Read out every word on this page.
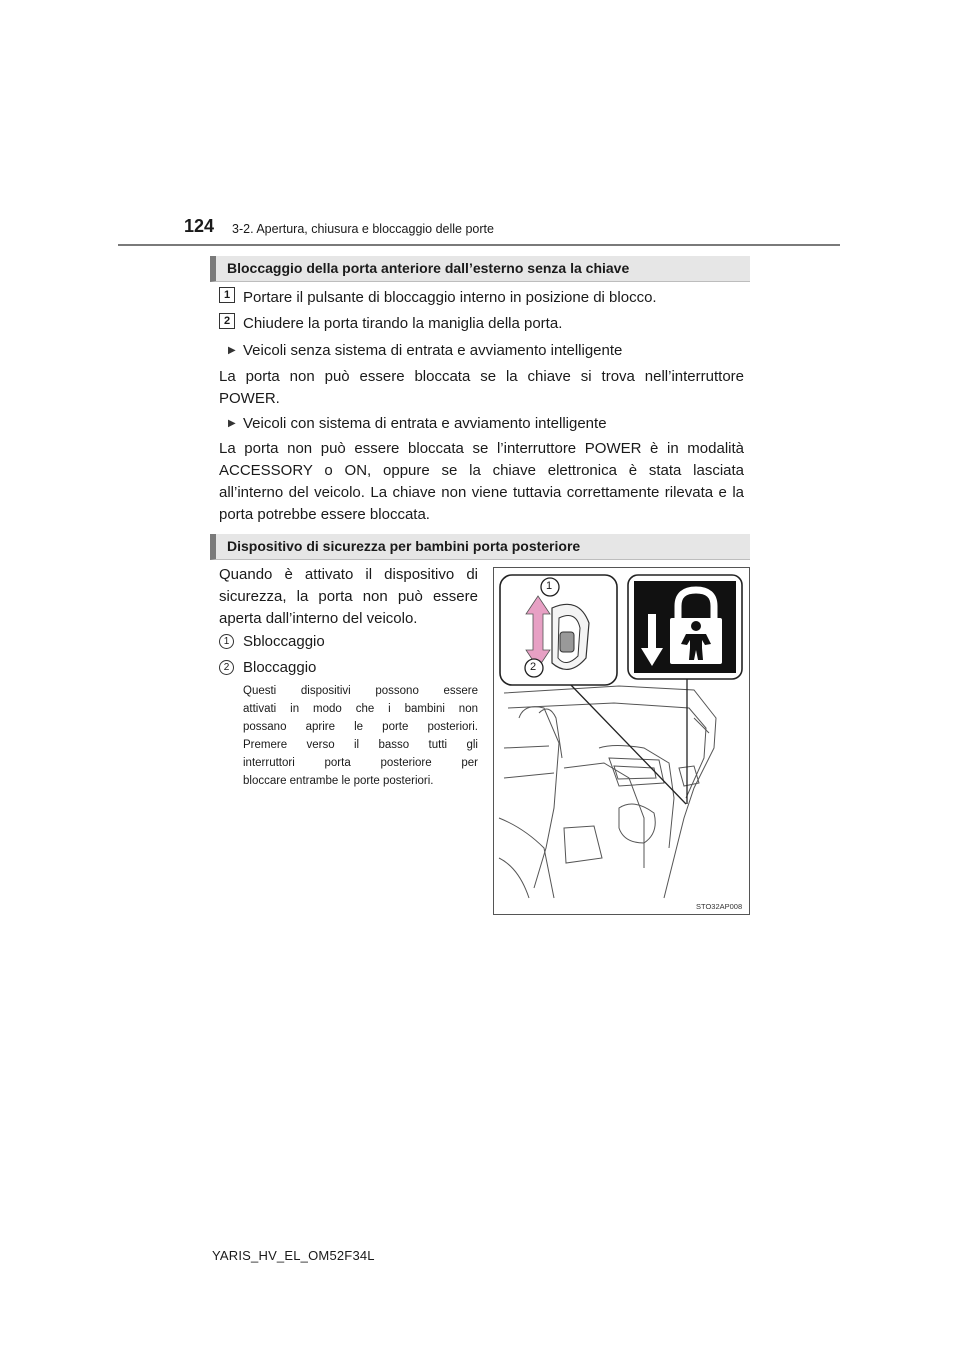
124 3-2. Apertura, chiusura e bloccaggio delle porte
Bloccaggio della porta anteriore dall’esterno senza la chiave
1 Portare il pulsante di bloccaggio interno in posizione di blocco.
2 Chiudere la porta tirando la maniglia della porta.
▶ Veicoli senza sistema di entrata e avviamento intelligente
La porta non può essere bloccata se la chiave si trova nell’interruttore
POWER.
▶ Veicoli con sistema di entrata e avviamento intelligente
La porta non può essere bloccata se l’interruttore POWER è in modalità
ACCESSORY o ON, oppure se la chiave elettronica è stata lasciata
all’interno del veicolo. La chiave non viene tuttavia correttamente rilevata e la
porta potrebbe essere bloccata.
Dispositivo di sicurezza per bambini porta posteriore
Quando è attivato il dispositivo di
sicurezza, la porta non può essere
aperta dall’interno del veicolo.
1 Sbloccaggio
2 Bloccaggio
Questi dispositivi possono essere
attivati in modo che i bambini non
possano aprire le porte posteriori.
Premere verso il basso tutti gli
interruttori porta posteriore per
bloccare entrambe le porte posteriori.
1
2
STO32AP008
YARIS_HV_EL_OM52F34L
